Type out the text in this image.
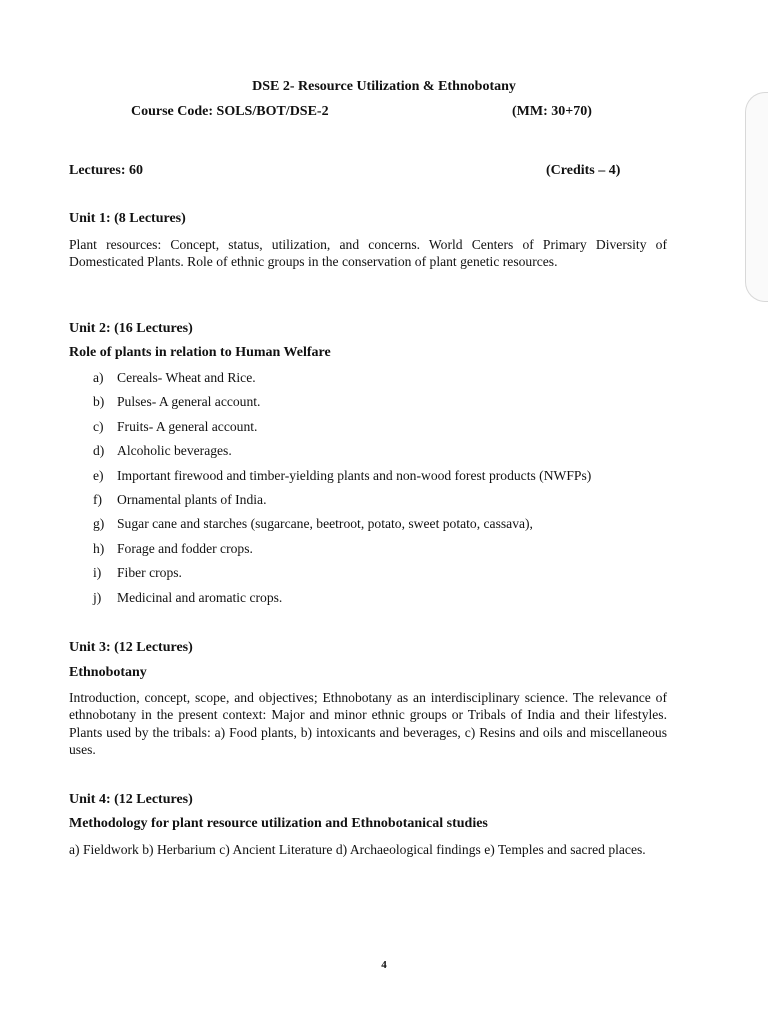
DSE 2- Resource Utilization & Ethnobotany
Course Code: SOLS/BOT/DSE-2	(MM: 30+70)
Lectures: 60	(Credits – 4)
Unit 1: (8 Lectures)
Plant resources: Concept, status, utilization, and concerns. World Centers of Primary Diversity of Domesticated Plants. Role of ethnic groups in the conservation of plant genetic resources.
Unit 2: (16 Lectures)
Role of plants in relation to Human Welfare
a) Cereals- Wheat and Rice.
b) Pulses- A general account.
c) Fruits- A general account.
d) Alcoholic beverages.
e) Important firewood and timber-yielding plants and non-wood forest products (NWFPs)
f) Ornamental plants of India.
g) Sugar cane and starches (sugarcane, beetroot, potato, sweet potato, cassava),
h) Forage and fodder crops.
i) Fiber crops.
j) Medicinal and aromatic crops.
Unit 3: (12 Lectures)
Ethnobotany
Introduction, concept, scope, and objectives; Ethnobotany as an interdisciplinary science. The relevance of ethnobotany in the present context: Major and minor ethnic groups or Tribals of India and their lifestyles. Plants used by the tribals: a) Food plants, b) intoxicants and beverages, c) Resins and oils and miscellaneous uses.
Unit 4: (12 Lectures)
Methodology for plant resource utilization and Ethnobotanical studies
a) Fieldwork b) Herbarium c) Ancient Literature d) Archaeological findings e) Temples and sacred places.
4
